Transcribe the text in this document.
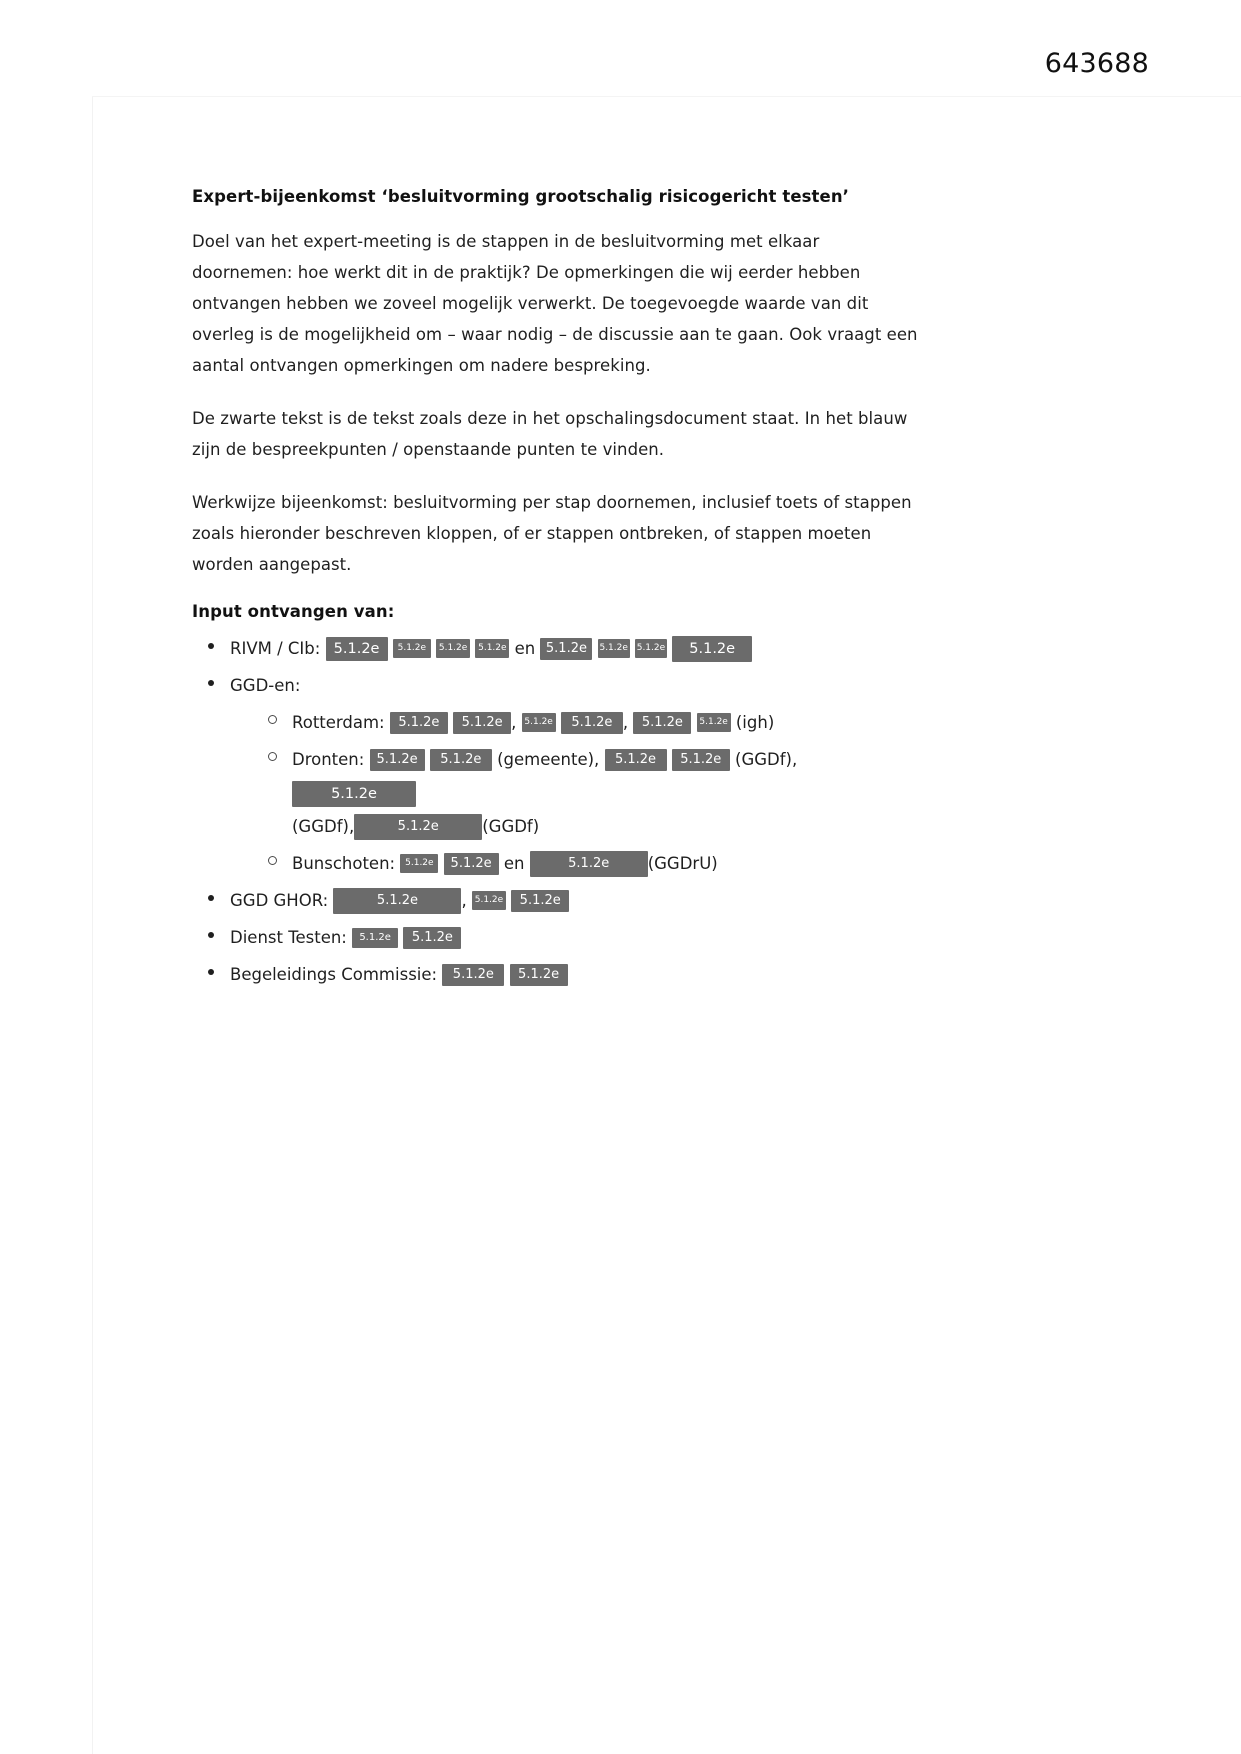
643688
Expert-bijeenkomst ‘besluitvorming grootschalig risicogericht testen’

Doel van het expert-meeting is de stappen in de besluitvorming met elkaar doornemen: hoe werkt dit in de praktijk? De opmerkingen die wij eerder hebben ontvangen hebben we zoveel mogelijk verwerkt. De toegevoegde waarde van dit overleg is de mogelijkheid om – waar nodig – de discussie aan te gaan. Ook vraagt een aantal ontvangen opmerkingen om nadere bespreking.

De zwarte tekst is de tekst zoals deze in het opschalingsdocument staat. In het blauw zijn de bespreekpunten / openstaande punten te vinden.

Werkwijze bijeenkomst: besluitvorming per stap doornemen, inclusief toets of stappen zoals hieronder beschreven kloppen, of er stappen ontbreken, of stappen moeten worden aangepast.

Input ontvangen van:
RIVM / CIb: 5.1.2e 5.1.2e 5.1.2e 5.1.2e en 5.1.2e 5.1.2e 5.1.2e 5.1.2e
GGD-en:
Rotterdam: 5.1.2e 5.1.2e , 5.1.2e 5.1.2e , 5.1.2e 5.1.2e (igh)
Dronten: 5.1.2e 5.1.2e (gemeente), 5.1.2e 5.1.2e (GGDf), 5.1.2e
(GGDf),	5.1.2e	(GGDf)
Bunschoten: 5.1.2e 5.1.2e en	5.1.2e (GGDrU)
GGD GHOR:	5.1.2e	, 5.1.2e 5.1.2e
Dienst Testen: 5.1.2e 5.1.2e
Begeleidings Commissie: 5.1.2e 5.1.2e
